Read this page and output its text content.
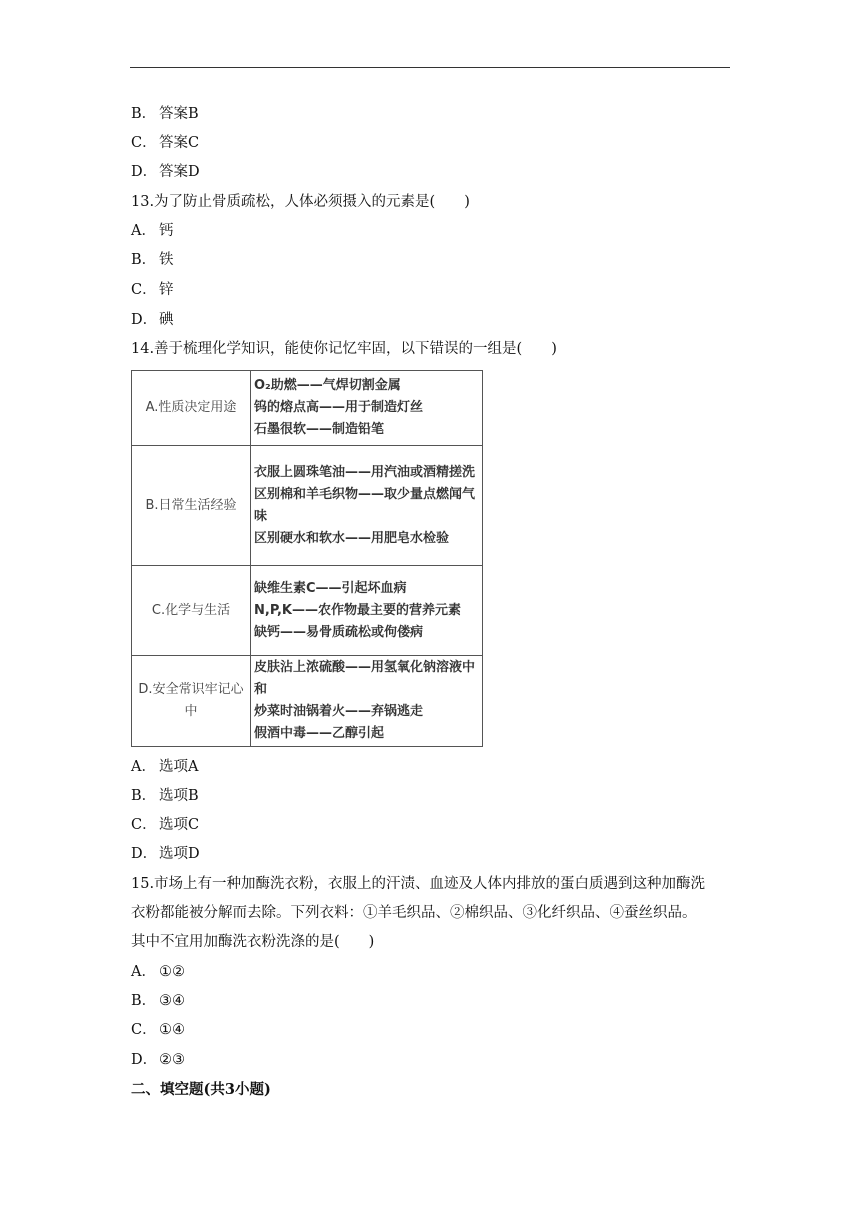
B． 答案B
C． 答案C
D． 答案D
13.为了防止骨质疏松，人体必须摄入的元素是(　　)
A． 钙
B． 铁
C． 锌
D． 碘
14.善于梳理化学知识，能使你记忆牢固，以下错误的一组是(　　)
A.性质决定用途	O₂助燃——气焊切割金属
钨的熔点高——用于制造灯丝
石墨很软——制造铅笔

B.日常生活经验	衣服上圆珠笔油——用汽油或酒精搓洗
区别棉和羊毛织物——取少量点燃闻气味
区别硬水和软水——用肥皂水检验

C.化学与生活	缺维生素C——引起坏血病
N,P,K——农作物最主要的营养元素
缺钙——易骨质疏松或佝偻病

D.安全常识牢记心中	皮肤沾上浓硫酸——用氢氧化钠溶液中和
炒菜时油锅着火——弃锅逃走
假酒中毒——乙醇引起
A． 选项A
B． 选项B
C． 选项C
D． 选项D
15.市场上有一种加酶洗衣粉，衣服上的汗渍、血迹及人体内排放的蛋白质遇到这种加酶洗
衣粉都能被分解而去除。下列衣料：①羊毛织品、②棉织品、③化纤织品、④蚕丝织品。
其中不宜用加酶洗衣粉洗涤的是(　　)
A． ①②
B． ③④
C． ①④
D． ②③
二、填空题(共3小题)
